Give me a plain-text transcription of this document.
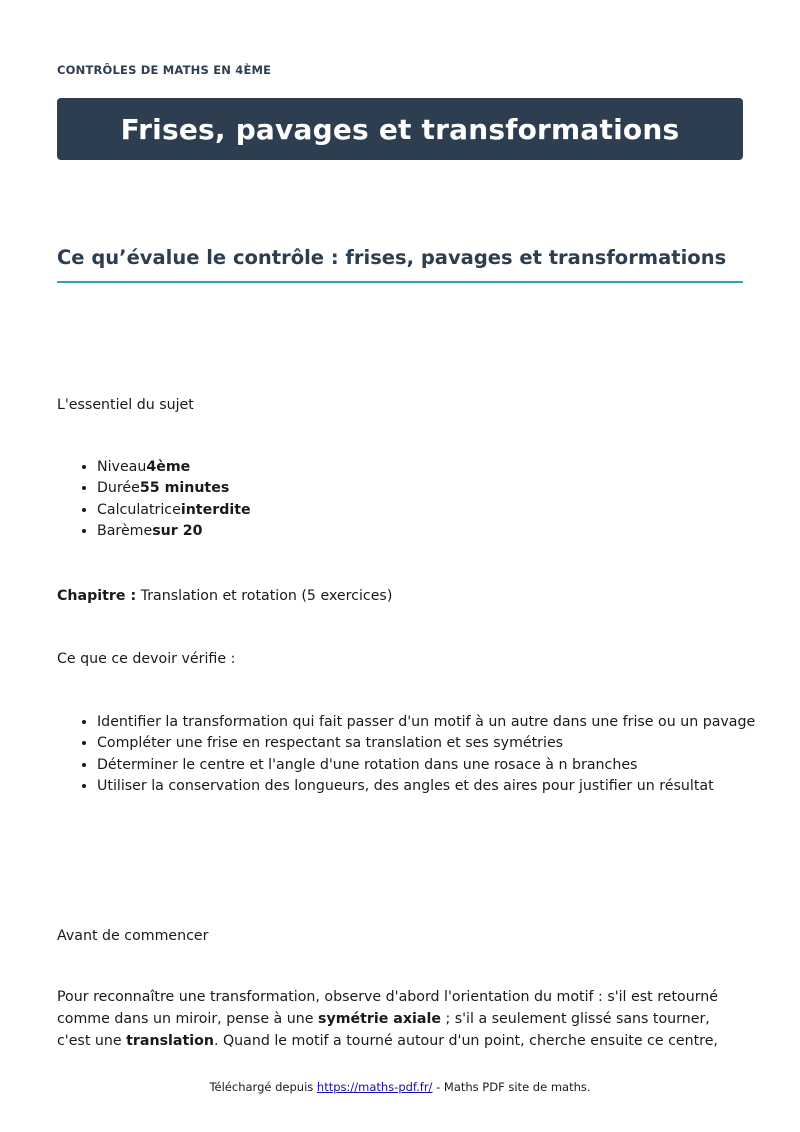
CONTRÔLES DE MATHS EN 4ÈME
Frises, pavages et transformations
Ce qu’évalue le contrôle : frises, pavages et transformations

L'essentiel du sujet

• Niveau4ème
• Durée55 minutes
• Calculatriceinterdite
• Barèmesur 20

Chapitre : Translation et rotation (5 exercices)

Ce que ce devoir vérifie :

• Identifier la transformation qui fait passer d'un motif à un autre dans une frise ou un pavage
• Compléter une frise en respectant sa translation et ses symétries
• Déterminer le centre et l'angle d'une rotation dans une rosace à n branches
• Utiliser la conservation des longueurs, des angles et des aires pour justifier un résultat

Avant de commencer

Pour reconnaître une transformation, observe d'abord l'orientation du motif : s'il est retourné comme dans un miroir, pense à une symétrie axiale ; s'il a seulement glissé sans tourner, c'est une translation. Quand le motif a tourné autour d'un point, cherche ensuite ce centre,

Téléchargé depuis https://maths-pdf.fr/ - Maths PDF site de maths.
